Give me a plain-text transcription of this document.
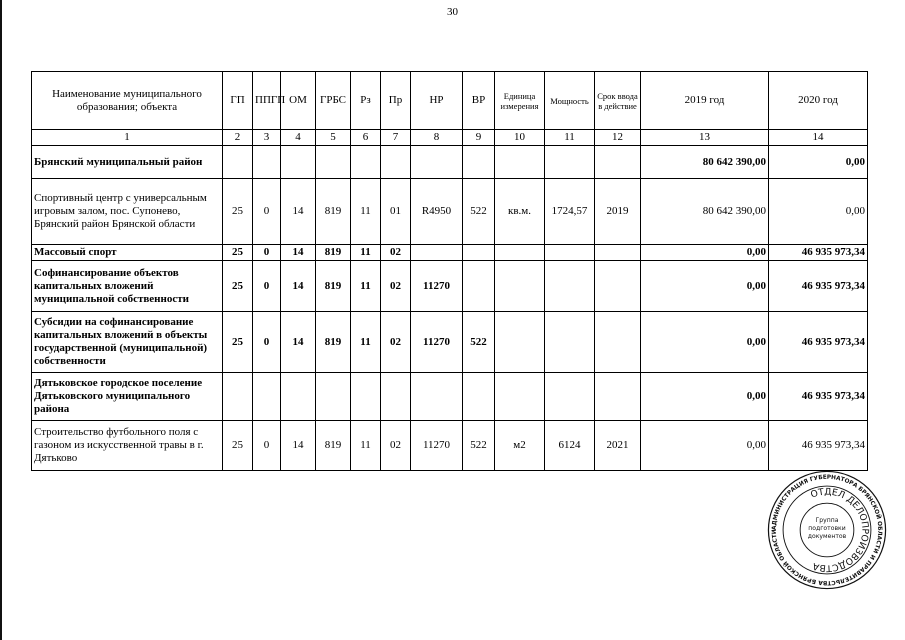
30
Наименование муниципального образования; объекта	ГП	ППГП	ОМ	ГРБС	Рз	Пр	НР	ВР	Единица измерения	Мощность	Срок ввода в действие	2019 год	2020 год
1	2	3	4	5	6	7	8	9	10	11	12	13	14
Брянский муниципальный район												80 642 390,00	0,00
Спортивный центр с универсальным игровым залом, пос. Супонево, Брянский район Брянской области	25	0	14	819	11	01	R4950	522	кв.м.	1724,57	2019	80 642 390,00	0,00
Массовый спорт	25	0	14	819	11	02						0,00	46 935 973,34
Софинансирование объектов капитальных вложений муниципальной собственности	25	0	14	819	11	02	11270					0,00	46 935 973,34
Субсидии на софинансирование капитальных вложений в объекты государственной (муниципальной) собственности	25	0	14	819	11	02	11270	522				0,00	46 935 973,34
Дятьковское городское поселение Дятьковского муниципального района												0,00	46 935 973,34
Строительство футбольного поля с газоном из искусственной травы в г. Дятьково	25	0	14	819	11	02	11270	522	м2	6124	2021	0,00	46 935 973,34
АДМИНИСТРАЦИЯ ГУБЕРНАТОРА БРЯНСКОЙ ОБЛАСТИ И ПРАВИТЕЛЬСТВА БРЯНСКОЙ ОБЛАСТИ
ОТДЕЛ ДЕЛОПРОИЗВОДСТВА
Группа подготовки документов
